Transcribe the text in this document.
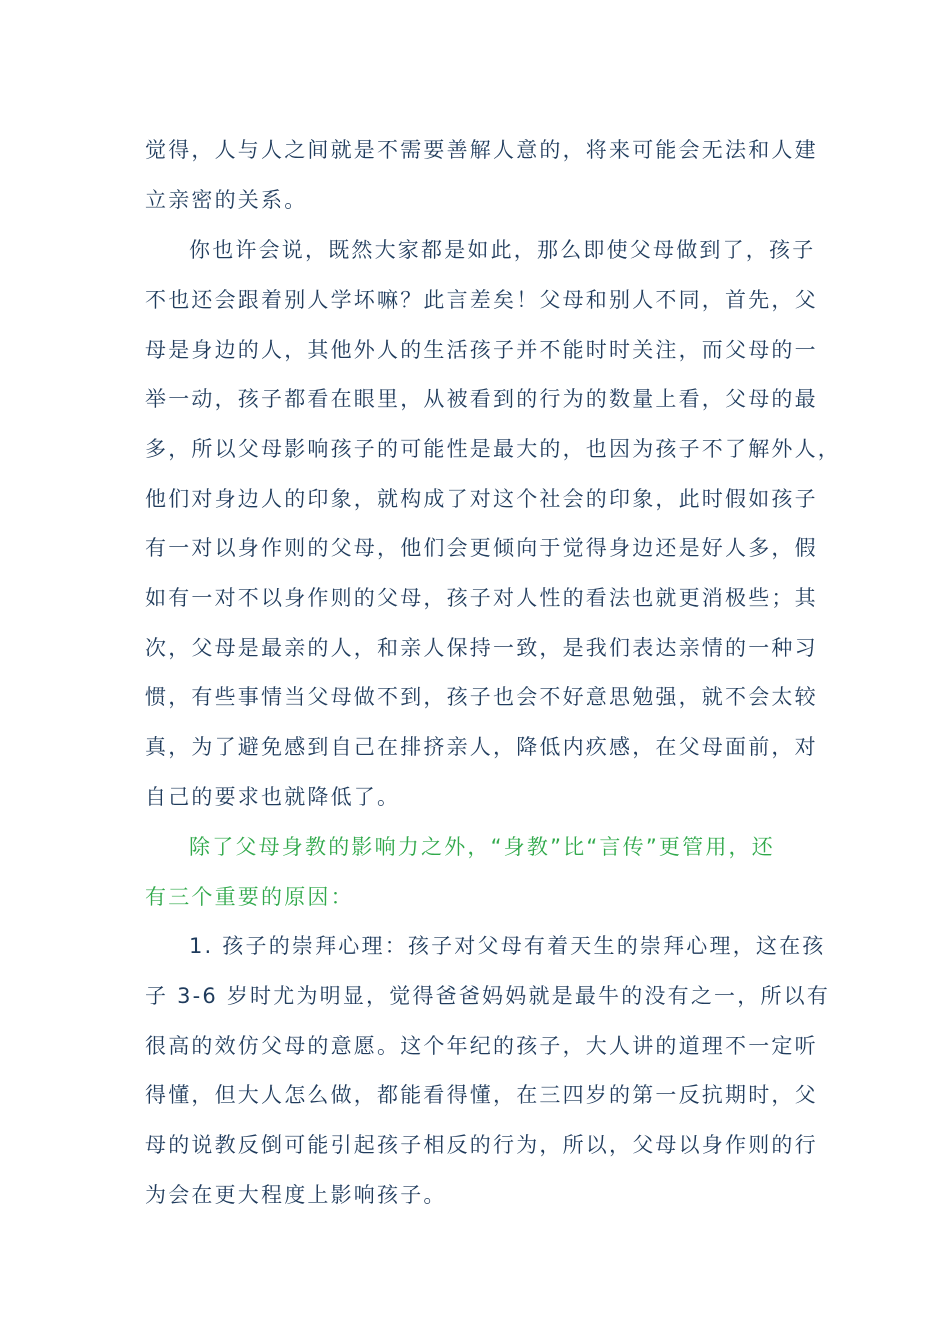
觉得，人与人之间就是不需要善解人意的，将来可能会无法和人建
立亲密的关系。
你也许会说，既然大家都是如此，那么即使父母做到了，孩子
不也还会跟着别人学坏嘛？此言差矣！父母和别人不同，首先，父
母是身边的人，其他外人的生活孩子并不能时时关注，而父母的一
举一动，孩子都看在眼里，从被看到的行为的数量上看，父母的最
多，所以父母影响孩子的可能性是最大的，也因为孩子不了解外人，
他们对身边人的印象，就构成了对这个社会的印象，此时假如孩子
有一对以身作则的父母，他们会更倾向于觉得身边还是好人多，假
如有一对不以身作则的父母，孩子对人性的看法也就更消极些；其
次，父母是最亲的人，和亲人保持一致，是我们表达亲情的一种习
惯，有些事情当父母做不到，孩子也会不好意思勉强，就不会太较
真，为了避免感到自己在排挤亲人，降低内疚感，在父母面前，对
自己的要求也就降低了。
除了父母身教的影响力之外，“身教”比“言传”更管用，还
有三个重要的原因：
1. 孩子的崇拜心理：孩子对父母有着天生的崇拜心理，这在孩
子 3-6 岁时尤为明显，觉得爸爸妈妈就是最牛的没有之一，所以有
很高的效仿父母的意愿。这个年纪的孩子，大人讲的道理不一定听
得懂，但大人怎么做，都能看得懂，在三四岁的第一反抗期时，父
母的说教反倒可能引起孩子相反的行为，所以，父母以身作则的行
为会在更大程度上影响孩子。
